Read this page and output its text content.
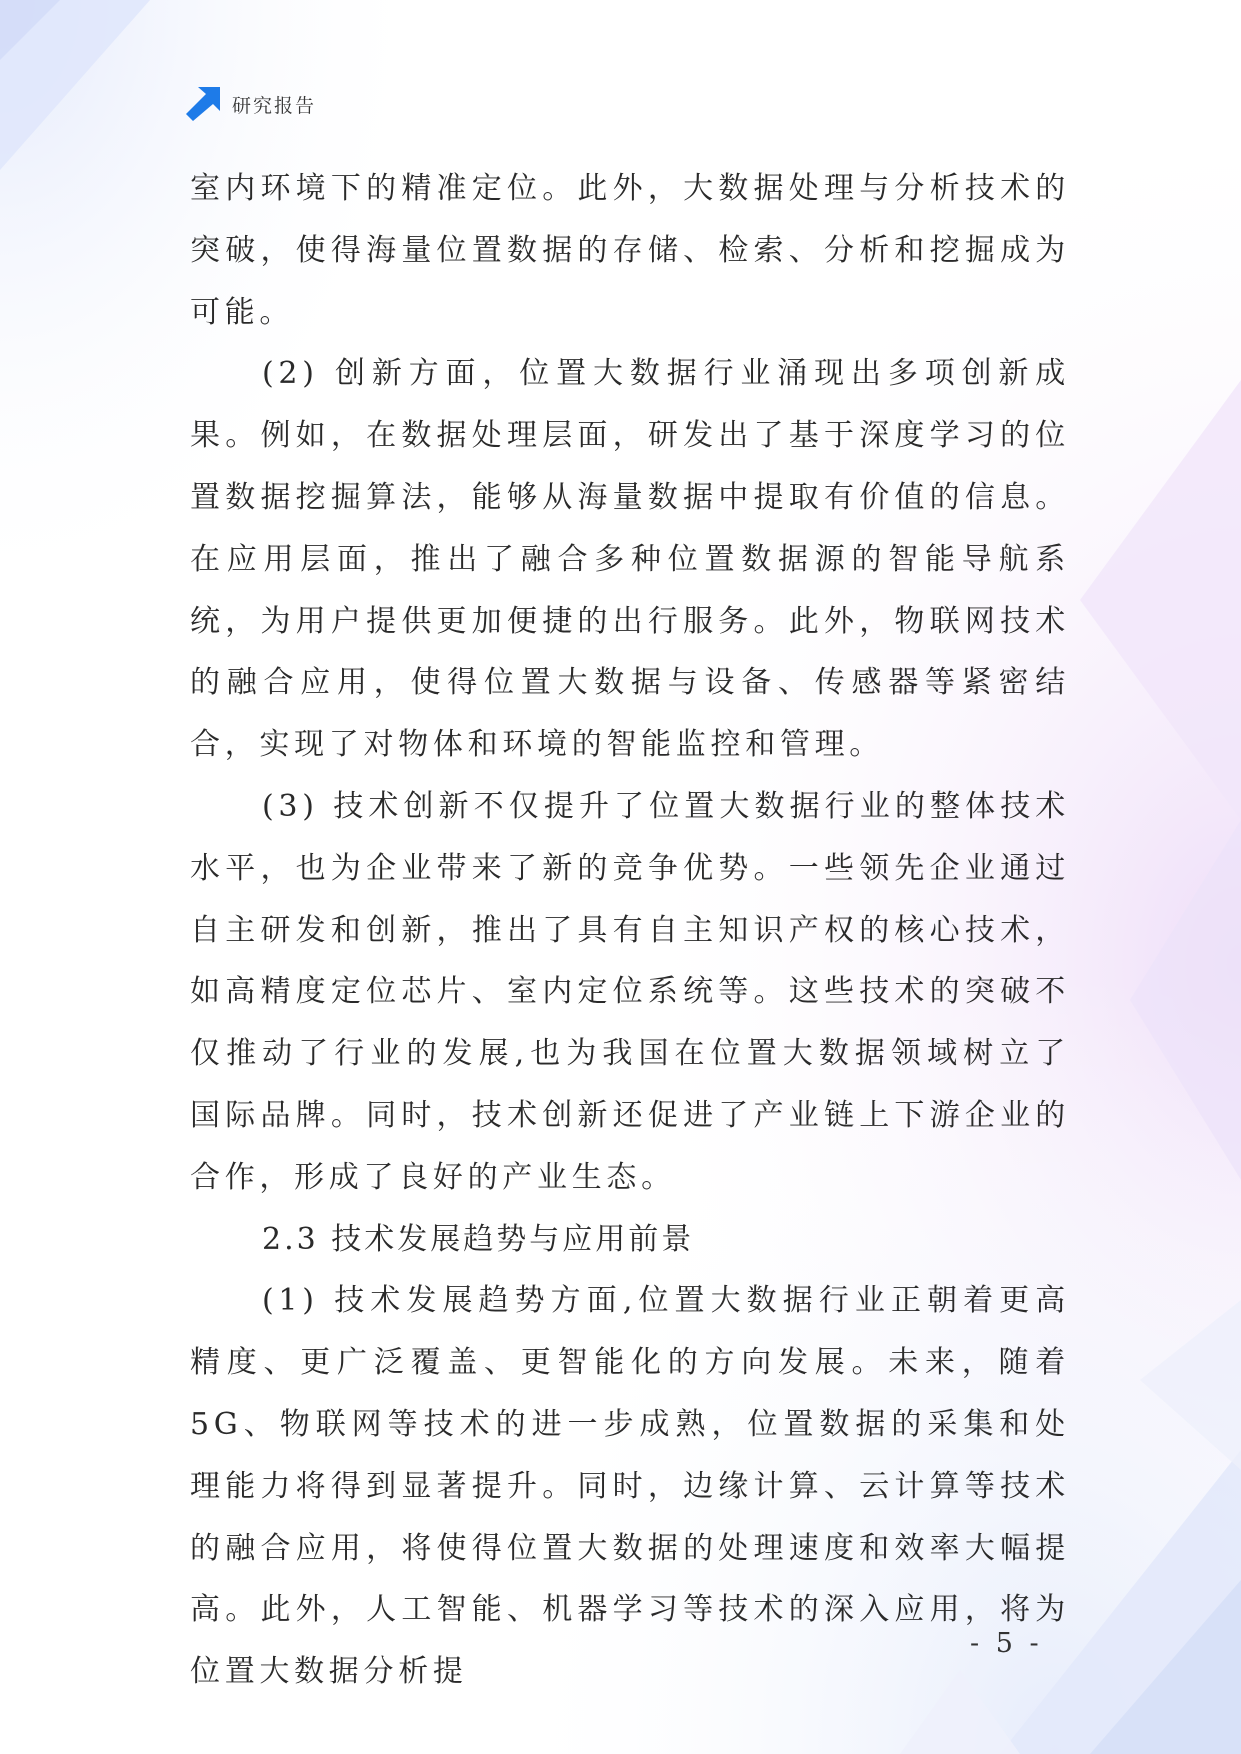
研究报告

室内环境下的精准定位。此外，大数据处理与分析技术的突破，使得海量位置数据的存储、检索、分析和挖掘成为可能。

(2) 创新方面，位置大数据行业涌现出多项创新成果。例如，在数据处理层面，研发出了基于深度学习的位置数据挖掘算法，能够从海量数据中提取有价值的信息。在应用层面，推出了融合多种位置数据源的智能导航系统，为用户提供更加便捷的出行服务。此外，物联网技术的融合应用，使得位置大数据与设备、传感器等紧密结合，实现了对物体和环境的智能监控和管理。

(3) 技术创新不仅提升了位置大数据行业的整体技术水平，也为企业带来了新的竞争优势。一些领先企业通过自主研发和创新，推出了具有自主知识产权的核心技术，如高精度定位芯片、室内定位系统等。这些技术的突破不仅推动了行业的发展,也为我国在位置大数据领域树立了国际品牌。同时，技术创新还促进了产业链上下游企业的合作，形成了良好的产业生态。

2.3 技术发展趋势与应用前景

(1) 技术发展趋势方面,位置大数据行业正朝着更高精度、更广泛覆盖、更智能化的方向发展。未来，随着 5G、物联网等技术的进一步成熟，位置数据的采集和处理能力将得到显著提升。同时，边缘计算、云计算等技术的融合应用，将使得位置大数据的处理速度和效率大幅提高。此外，人工智能、机器学习等技术的深入应用，将为位置大数据分析提

- 5 -
